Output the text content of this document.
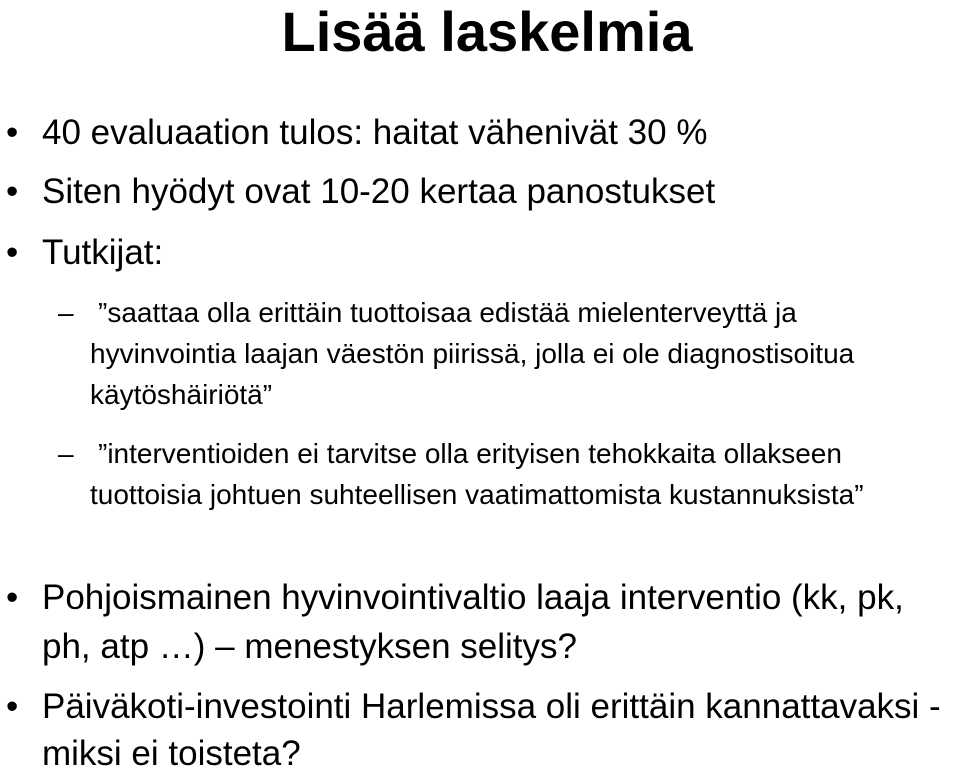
Lisää laskelmia
• 40 evaluaation tulos: haitat vähenivät 30 %
• Siten hyödyt ovat 10-20 kertaa panostukset
• Tutkijat:
– ”saattaa olla erittäin tuottoisaa edistää mielenterveyttä ja hyvinvointia laajan väestön piirissä, jolla ei ole diagnostisoitua käytöshäiriötä”
– ”interventioiden ei tarvitse olla erityisen tehokkaita ollakseen tuottoisia johtuen suhteellisen vaatimattomista kustannuksista”
• Pohjoismainen hyvinvointivaltio laaja interventio (kk, pk, ph, atp …) – menestyksen selitys?
• Päiväkoti-investointi Harlemissa oli erittäin kannattavaksi - miksi ei toisteta?
